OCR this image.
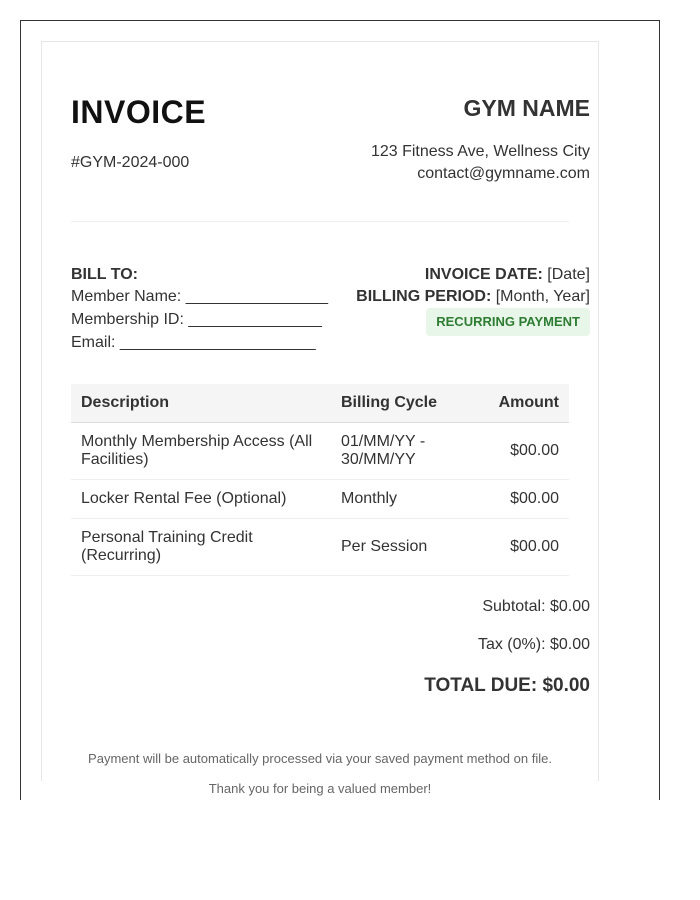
INVOICE
#GYM-2024-000
GYM NAME
123 Fitness Ave, Wellness City
contact@gymname.com
BILL TO:
Member Name: ________________
Membership ID: _______________
Email: ______________________
INVOICE DATE: [Date]
BILLING PERIOD: [Month, Year]
RECURRING PAYMENT
Description	Billing Cycle	Amount
Monthly Membership Access (All Facilities)	01/MM/YY - 30/MM/YY	$00.00
Locker Rental Fee (Optional)	Monthly	$00.00
Personal Training Credit (Recurring)	Per Session	$00.00
Subtotal: $0.00
Tax (0%): $0.00
TOTAL DUE: $0.00
Payment will be automatically processed via your saved payment method on file.
Thank you for being a valued member!
